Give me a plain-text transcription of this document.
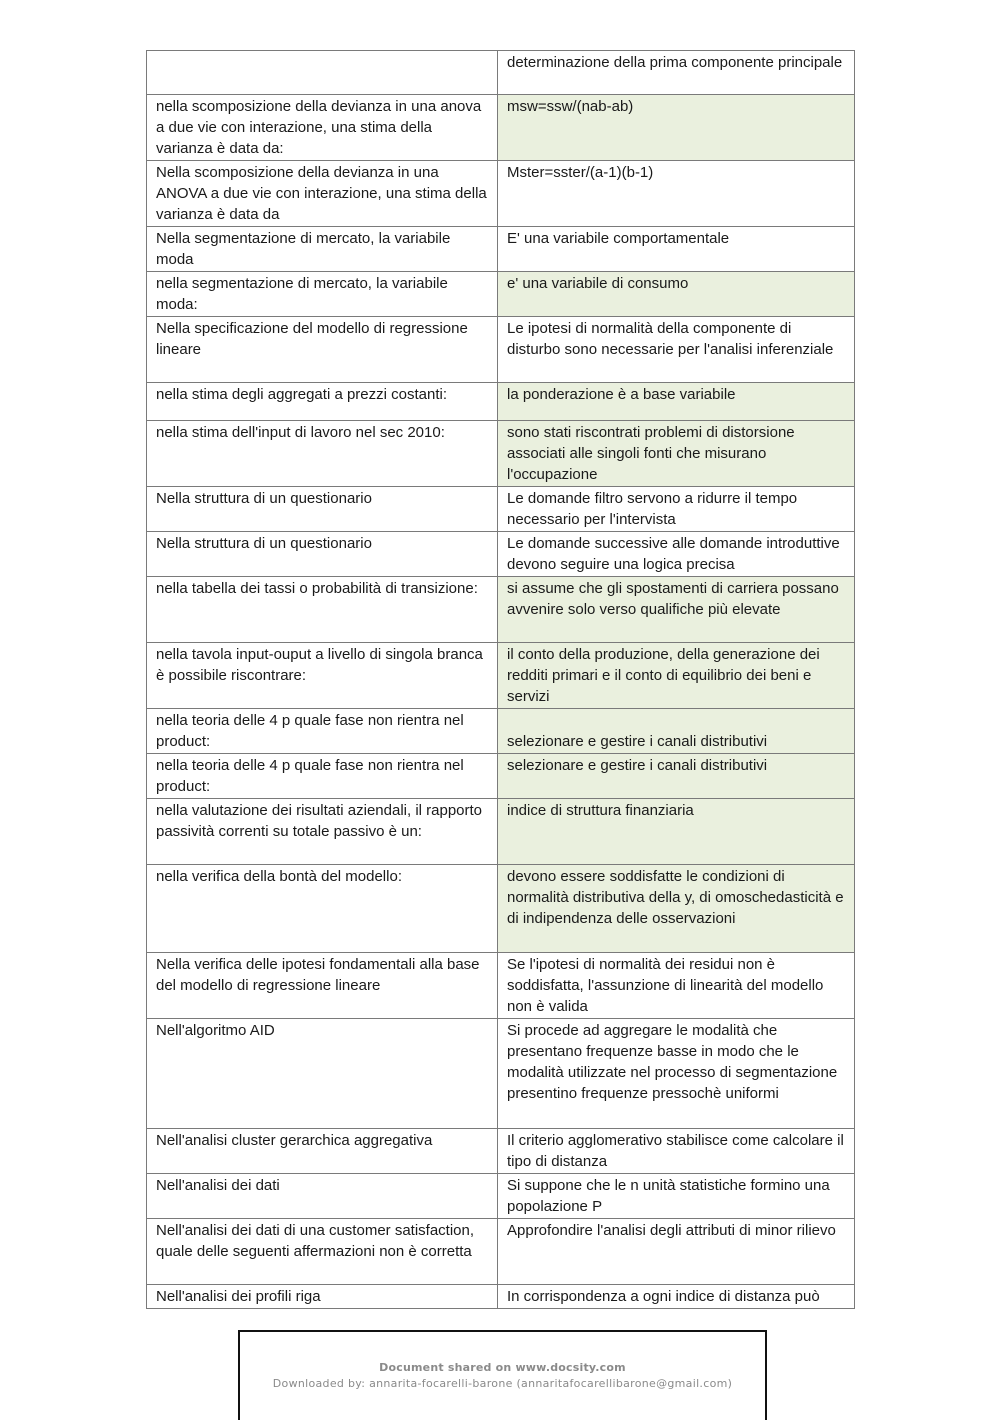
	determinazione della prima componente principale
nella scomposizione della devianza in una anova a due vie con interazione, una stima della varianza è data da:	msw=ssw/(nab-ab)
Nella scomposizione della devianza in una ANOVA a due vie con interazione, una stima della varianza è data da	Mster=sster/(a-1)(b-1)
Nella segmentazione di mercato, la variabile moda	E' una variabile comportamentale
nella segmentazione di mercato, la variabile moda:	e' una variabile di consumo
Nella specificazione del modello di regressione lineare	Le ipotesi di normalità della componente di disturbo sono necessarie per l'analisi inferenziale
nella stima degli aggregati a prezzi costanti:	la ponderazione è a base variabile
nella stima dell'input di lavoro nel sec 2010:	sono stati riscontrati problemi di distorsione associati alle singoli fonti che misurano l'occupazione
Nella struttura di un questionario	Le domande filtro servono a ridurre il tempo necessario per l'intervista
Nella struttura di un questionario	Le domande successive alle domande introduttive devono seguire una logica precisa
nella tabella dei tassi o probabilità di transizione:	si assume che gli spostamenti di carriera possano avvenire solo verso qualifiche più elevate
nella tavola input-ouput a livello di singola branca è possibile riscontrare:	il conto della produzione, della generazione dei redditi primari e il conto di equilibrio dei beni e servizi
nella teoria delle 4 p quale fase non rientra nel product:	selezionare e gestire i canali distributivi
nella teoria delle 4 p quale fase non rientra nel product:	selezionare e gestire i canali distributivi
nella valutazione dei risultati aziendali, il rapporto passività correnti su totale passivo è un:	indice di struttura finanziaria
nella verifica della bontà del modello:	devono essere soddisfatte le condizioni di normalità distributiva della y, di omoschedasticità e di indipendenza delle osservazioni
Nella verifica delle ipotesi fondamentali alla base del modello di regressione lineare	Se l'ipotesi di normalità dei residui non è soddisfatta, l'assunzione di linearità del modello non è valida
Nell'algoritmo AID	Si procede ad aggregare le modalità che presentano frequenze basse in modo che le modalità utilizzate nel processo di segmentazione presentino frequenze pressochè uniformi
Nell'analisi cluster gerarchica aggregativa	Il criterio agglomerativo stabilisce come calcolare il tipo di distanza
Nell'analisi dei dati	Si suppone che le n unità statistiche formino una popolazione P
Nell'analisi dei dati di una customer satisfaction, quale delle seguenti affermazioni non è corretta	Approfondire l'analisi degli attributi di minor rilievo
Nell'analisi dei profili riga	In corrispondenza a ogni indice di distanza può
Document shared on www.docsity.com
Downloaded by: annarita-focarelli-barone (annaritafocarellibarone@gmail.com)
